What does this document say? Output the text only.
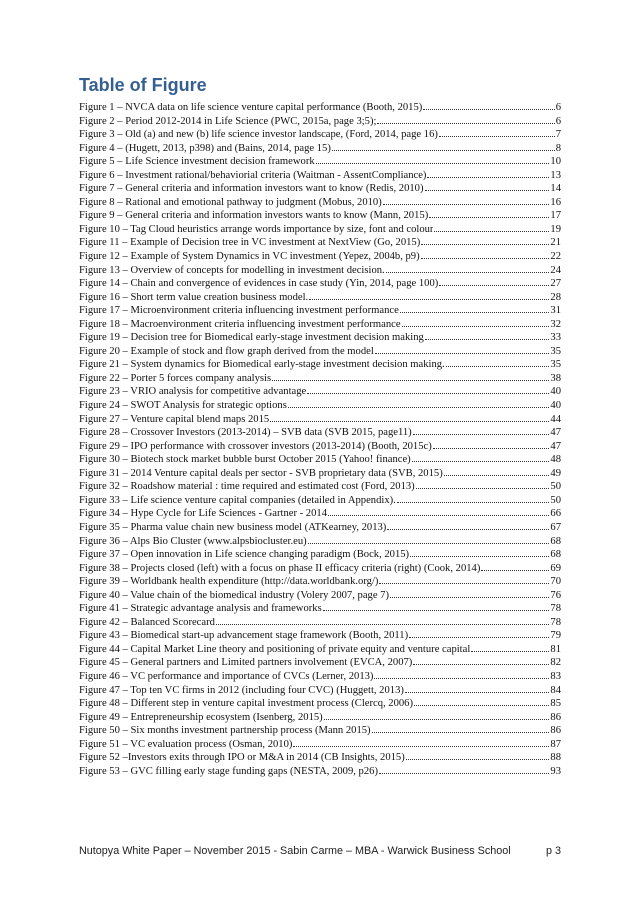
Table of Figure
Figure 1 – NVCA data on life science venture capital performance (Booth, 2015)	6
Figure 2 – Period 2012-2014 in Life Science (PWC, 2015a, page 3;5);	6
Figure 3 – Old (a) and new (b) life science investor landscape, (Ford, 2014, page 16)	7
Figure 4 – (Hugett, 2013, p398) and (Bains, 2014, page 15)	8
Figure 5 – Life Science investment decision framework	10
Figure 6 – Investment rational/behaviorial criteria (Waitman - AssentCompliance)	13
Figure 7 – General criteria and information investors want to know (Redis, 2010)	14
Figure 8 – Rational and emotional pathway to judgment (Mobus, 2010)	16
Figure 9 – General criteria and information investors wants to know (Mann, 2015)	17
Figure 10 – Tag Cloud heuristics arrange words importance by size, font and colour	19
Figure 11 – Example of Decision tree in VC investment at NextView (Go, 2015)	21
Figure 12 – Example of System Dynamics in VC investment (Yepez, 2004b, p9)	22
Figure 13 – Overview of concepts for modelling in investment decision.	24
Figure 14 – Chain and convergence of evidences in case study (Yin, 2014, page 100)	27
Figure 16 – Short term value creation business model.	28
Figure 17 – Microenvironment criteria influencing investment performance	31
Figure 18 – Macroenvironment criteria influencing investment performance	32
Figure 19 – Decision tree for Biomedical early-stage investment decision making	33
Figure 20 – Example of stock and flow graph derived from the model	35
Figure 21 – System dynamics for Biomedical early-stage investment decision making.	35
Figure 22 – Porter 5 forces company analysis	38
Figure 23 – VRIO analysis for competitive advantage	40
Figure 24 – SWOT Analysis for strategic options	40
Figure 27 – Venture capital blend maps 2015	44
Figure 28 – Crossover Investors (2013-2014) – SVB data (SVB 2015, page11)	47
Figure 29 – IPO performance with crossover investors (2013-2014) (Booth, 2015c)	47
Figure 30 – Biotech stock market bubble burst October 2015 (Yahoo! finance)	48
Figure 31 – 2014 Venture capital deals per sector - SVB proprietary data (SVB, 2015)	49
Figure 32 – Roadshow material : time required and estimated cost (Ford, 2013)	50
Figure 33 – Life science venture capital companies (detailed in Appendix).	50
Figure 34 – Hype Cycle for Life Sciences - Gartner - 2014	66
Figure 35 – Pharma value chain new business model (ATKearney, 2013)	67
Figure 36 – Alps Bio Cluster (www.alpsbiocluster.eu)	68
Figure 37 – Open innovation in Life science changing paradigm (Bock, 2015)	68
Figure 38 – Projects closed (left) with a focus on phase II efficacy criteria (right) (Cook, 2014)	69
Figure 39 – Worldbank health expenditure (http://data.worldbank.org/)	70
Figure 40 – Value chain of the biomedical industry (Volery 2007, page 7)	76
Figure 41 – Strategic advantage analysis and frameworks	78
Figure 42 – Balanced Scorecard	78
Figure 43 – Biomedical start-up advancement stage framework (Booth, 2011)	79
Figure 44 – Capital Market Line theory and positioning of private equity and venture capital	81
Figure 45 – General partners and Limited partners involvement (EVCA, 2007)	82
Figure 46 – VC performance and importance of CVCs (Lerner, 2013)	83
Figure 47 – Top ten VC firms in 2012 (including four CVC) (Huggett, 2013)	84
Figure 48 – Different step in venture capital investment process (Clercq, 2006)	85
Figure 49 – Entrepreneurship ecosystem (Isenberg, 2015)	86
Figure 50 – Six months investment partnership process (Mann 2015)	86
Figure 51 – VC evaluation process (Osman, 2010)	87
Figure 52 –Investors exits through IPO or M&A in 2014 (CB Insights, 2015)	88
Figure 53 – GVC filling early stage funding gaps (NESTA, 2009, p26)	93
Nutopya White Paper – November 2015 - Sabin Carme – MBA - Warwick Business School	p 3
